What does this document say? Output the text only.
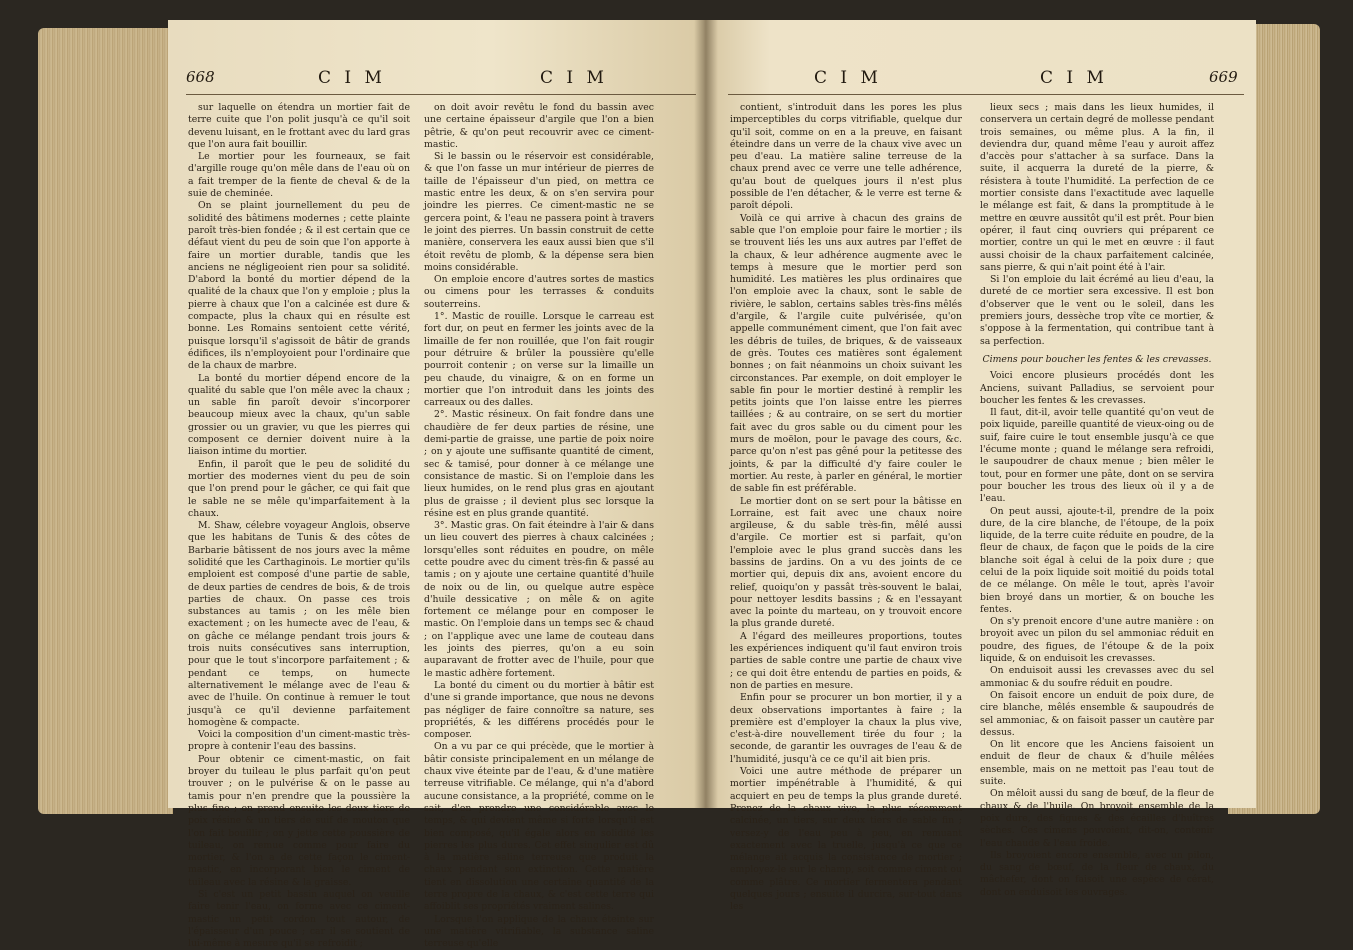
668	C I M	C I M

sur laquelle on étendra un mortier fait de terre cuite que l'on polit jusqu'à ce qu'il soit devenu luisant, en le frottant avec du lard gras que l'on aura fait bouillir.

Le mortier pour les fourneaux, se fait d'argille rouge qu'on mêle dans de l'eau où on a fait tremper de la fiente de cheval & de la suie de cheminée.

On se plaint journellement du peu de solidité des bâtimens modernes ; cette plainte paroît très-bien fondée ; & il est certain que ce défaut vient du peu de soin que l'on apporte à faire un mortier durable, tandis que les anciens ne négligeoient rien pour sa solidité. D'abord la bonté du mortier dépend de la qualité de la chaux que l'on y emploie ; plus la pierre à chaux que l'on a calcinée est dure & compacte, plus la chaux qui en résulte est bonne. Les Romains sentoient cette vérité, puisque lorsqu'il s'agissoit de bâtir de grands édifices, ils n'employoient pour l'ordinaire que de la chaux de marbre.

La bonté du mortier dépend encore de la qualité du sable que l'on mêle avec la chaux ; un sable fin paroît devoir s'incorporer beaucoup mieux avec la chaux, qu'un sable grossier ou un gravier, vu que les pierres qui composent ce dernier doivent nuire à la liaison intime du mortier.

Enfin, il paroît que le peu de solidité du mortier des modernes vient du peu de soin que l'on prend pour le gâcher, ce qui fait que le sable ne se mêle qu'imparfaitement à la chaux.

M. Shaw, célebre voyageur Anglois, observe que les habitans de Tunis & des côtes de Barbarie bâtissent de nos jours avec la même solidité que les Carthaginois. Le mortier qu'ils emploient est composé d'une partie de sable, de deux parties de cendres de bois, & de trois parties de chaux. On passe ces trois substances au tamis ; on les mêle bien exactement ; on les humecte avec de l'eau, & on gâche ce mélange pendant trois jours & trois nuits consécutives sans interruption, pour que le tout s'incorpore parfaitement ; & pendant ce temps, on humecte alternativement le mélange avec de l'eau & avec de l'huile. On continue à remuer le tout jusqu'à ce qu'il devienne parfaitement homogène & compacte.

Voici la composition d'un ciment-mastic très-propre à contenir l'eau des bassins.

Pour obtenir ce ciment-mastic, on fait broyer du tuileau le plus parfait qu'on peut trouver ; on le pulvérise & on le passe au tamis pour n'en prendre que la poussière la plus fine ; on prend ensuite les deux tiers de poix résine & un tiers de suif de mouton que l'on fait bouillir ; on y jette cette poussière de tuileau, on remue comme pour faire du mortier, & l'on a de cette façon le ciment-mastic, en incorporant bien le ciment de tuileau avec la résine & la graisse.

Si c'est un petit bassin auquel on veuille faire tenir l'eau, on forme avec ce ciment-mastic un petit cordon tout autour, de l'épaisseur d'un pouce ; car il se soutient de lui-même à mesure qu'il se refroidit ;

on doit avoir revêtu le fond du bassin avec une certaine épaisseur d'argile que l'on a bien pêtrie, & qu'on peut recouvrir avec ce ciment-mastic.

Si le bassin ou le réservoir est considérable, & que l'on fasse un mur intérieur de pierres de taille de l'épaisseur d'un pied, on mettra ce mastic entre les deux, & on s'en servira pour joindre les pierres. Ce ciment-mastic ne se gercera point, & l'eau ne passera point à travers le joint des pierres. Un bassin construit de cette manière, conservera les eaux aussi bien que s'il étoit revêtu de plomb, & la dépense sera bien moins considérable.

On emploie encore d'autres sortes de mastics ou cimens pour les terrasses & conduits souterreins.

1°. Mastic de rouille. Lorsque le carreau est fort dur, on peut en fermer les joints avec de la limaille de fer non rouillée, que l'on fait rougir pour détruire & brûler la poussière qu'elle pourroit contenir ; on verse sur la limaille un peu chaude, du vinaigre, & on en forme un mortier que l'on introduit dans les joints des carreaux ou des dalles.

2°. Mastic résineux. On fait fondre dans une chaudière de fer deux parties de résine, une demi-partie de graisse, une partie de poix noire ; on y ajoute une suffisante quantité de ciment, sec & tamisé, pour donner à ce mélange une consistance de mastic. Si on l'emploie dans les lieux humides, on le rend plus gras en ajoutant plus de graisse ; il devient plus sec lorsque la résine est en plus grande quantité.

3°. Mastic gras. On fait éteindre à l'air & dans un lieu couvert des pierres à chaux calcinées ; lorsqu'elles sont réduites en poudre, on mêle cette poudre avec du ciment très-fin & passé au tamis ; on y ajoute une certaine quantité d'huile de noix ou de lin, ou quelque autre espèce d'huile dessicative ; on mêle & on agite fortement ce mélange pour en composer le mastic. On l'emploie dans un temps sec & chaud ; on l'applique avec une lame de couteau dans les joints des pierres, qu'on a eu soin auparavant de frotter avec de l'huile, pour que le mastic adhère fortement.

La bonté du ciment ou du mortier à bâtir est d'une si grande importance, que nous ne devons pas négliger de faire connoître sa nature, ses propriétés, & les différens procédés pour le composer.

On a vu par ce qui précède, que le mortier à bâtir consiste principalement en un mélange de chaux vive éteinte par de l'eau, & d'une matière terreuse vitrifiable. Ce mélange, qui n'a d'abord aucune consistance, a la propriété, comme on le sait, d'en prendre une considérable avec le temps, & qui devient même si forte lorsqu'il est bien composé, qu'il égale alors en solidité les pierres les plus dures. Cet effet singulier est dû à la matière saline terreuse que produit la chaux pendant son extinction. Cette matière tient en dissolution une certaine quantité de la terre propre de la chaux, & c'est cette terre qui affoiblit ses propriétés vraiment salines.

Lorsque l'on applique de la chaux éteinte sur une matière vitrifiable, la substance saline terreuse qu'elle

C I M	C I M	669

contient, s'introduit dans les pores les plus imperceptibles du corps vitrifiable, quelque dur qu'il soit, comme on en a la preuve, en faisant éteindre dans un verre de la chaux vive avec un peu d'eau. La matière saline terreuse de la chaux prend avec ce verre une telle adhérence, qu'au bout de quelques jours il n'est plus possible de l'en détacher, & le verre est terne & paroît dépoli.

Voilà ce qui arrive à chacun des grains de sable que l'on emploie pour faire le mortier ; ils se trouvent liés les uns aux autres par l'effet de la chaux, & leur adhérence augmente avec le temps à mesure que le mortier perd son humidité. Les matières les plus ordinaires que l'on emploie avec la chaux, sont le sable de rivière, le sablon, certains sables très-fins mêlés d'argile, & l'argile cuite pulvérisée, qu'on appelle communément ciment, que l'on fait avec les débris de tuiles, de briques, & de vaisseaux de grès. Toutes ces matières sont également bonnes ; on fait néanmoins un choix suivant les circonstances. Par exemple, on doit employer le sable fin pour le mortier destiné à remplir les petits joints que l'on laisse entre les pierres taillées ; & au contraire, on se sert du mortier fait avec du gros sable ou du ciment pour les murs de moëlon, pour le pavage des cours, &c. parce qu'on n'est pas gêné pour la petitesse des joints, & par la difficulté d'y faire couler le mortier. Au reste, à parler en général, le mortier de sable fin est préférable.

Le mortier dont on se sert pour la bâtisse en Lorraine, est fait avec une chaux noire argileuse, & du sable très-fin, mêlé aussi d'argile. Ce mortier est si parfait, qu'on l'emploie avec le plus grand succès dans les bassins de jardins. On a vu des joints de ce mortier qui, depuis dix ans, avoient encore du relief, quoiqu'on y passât très-souvent le balai, pour nettoyer lesdits bassins ; & en l'essayant avec la pointe du marteau, on y trouvoit encore la plus grande dureté.

A l'égard des meilleures proportions, toutes les expériences indiquent qu'il faut environ trois parties de sable contre une partie de chaux vive ; ce qui doit être entendu de parties en poids, & non de parties en mesure.

Enfin pour se procurer un bon mortier, il y a deux observations importantes à faire ; la première est d'employer la chaux la plus vive, c'est-à-dire nouvellement tirée du four ; la seconde, de garantir les ouvrages de l'eau & de l'humidité, jusqu'à ce ce qu'il ait bien pris.

Voici une autre méthode de préparer un mortier impénétrable à l'humidité, & qui acquiert en peu de temps la plus grande dureté. Prenez de la chaux vive, la plus récemment calcinée, un tiers, sur deux tiers de sable fin ; versez-y de l'eau peu à peu, en remuant exactement avec la truelle, jusqu'à ce que ce mélange ait acquis la consistance de mortier ; employez-le sur le champ, soit comme ciment ou comme plâtre. Ce mortier fermentera pendant quelques jours ; ensuite il durcira, sur-tout dans les

lieux secs ; mais dans les lieux humides, il conservera un certain degré de mollesse pendant trois semaines, ou même plus. A la fin, il deviendra dur, quand même l'eau y auroit affez d'accès pour s'attacher à sa surface. Dans la suite, il acquerra la dureté de la pierre, & résistera à toute l'humidité. La perfection de ce mortier consiste dans l'exactitude avec laquelle le mélange est fait, & dans la promptitude à le mettre en œuvre aussitôt qu'il est prêt. Pour bien opérer, il faut cinq ouvriers qui préparent ce mortier, contre un qui le met en œuvre : il faut aussi choisir de la chaux parfaitement calcinée, sans pierre, & qui n'ait point été à l'air.

Si l'on emploie du lait écrémé au lieu d'eau, la dureté de ce mortier sera excessive. Il est bon d'observer que le vent ou le soleil, dans les premiers jours, dessèche trop vîte ce mortier, & s'oppose à la fermentation, qui contribue tant à sa perfection.

Cimens pour boucher les fentes & les crevasses.

Voici encore plusieurs procédés dont les Anciens, suivant Palladius, se servoient pour boucher les fentes & les crevasses.

Il faut, dit-il, avoir telle quantité qu'on veut de poix liquide, pareille quantité de vieux-oing ou de suif, faire cuire le tout ensemble jusqu'à ce que l'écume monte ; quand le mélange sera refroidi, le saupoudrer de chaux menue ; bien mêler le tout, pour en former une pâte, dont on se servira pour boucher les trous des lieux où il y a de l'eau.

On peut aussi, ajoute-t-il, prendre de la poix dure, de la cire blanche, de l'étoupe, de la poix liquide, de la terre cuite réduite en poudre, de la fleur de chaux, de façon que le poids de la cire blanche soit égal à celui de la poix dure ; que celui de la poix liquide soit moitié du poids total de ce mélange. On mêle le tout, après l'avoir bien broyé dans un mortier, & on bouche les fentes.

On s'y prenoit encore d'une autre manière : on broyoit avec un pilon du sel ammoniac réduit en poudre, des figues, de l'étoupe & de la poix liquide, & on enduisoit les crevasses.

On enduisoit aussi les crevasses avec du sel ammoniac & du soufre réduit en poudre.

On faisoit encore un enduit de poix dure, de cire blanche, mêlés ensemble & saupoudrés de sel ammoniac, & on faisoit passer un cautère par dessus.

On lit encore que les Anciens faisoient un enduit de fleur de chaux & d'huile mêlées ensemble, mais on ne mettoit pas l'eau tout de suite.

On mêloit aussi du sang de bœuf, de la fleur de chaux & de l'huile. On broyoit ensemble de la poix dure, des figues & des écailles d'huîtres sèches. Ces cimens pouvoient, dit-on, contenir l'eau chaude & l'eau froide.

Ils broyoient encore ensemble, avec un pilon, du sang de bœuf, de la fleur de chaux, du mâchefer, dont on faisoit une espèce de cérat, dont on enduisoit les ouvrages.
